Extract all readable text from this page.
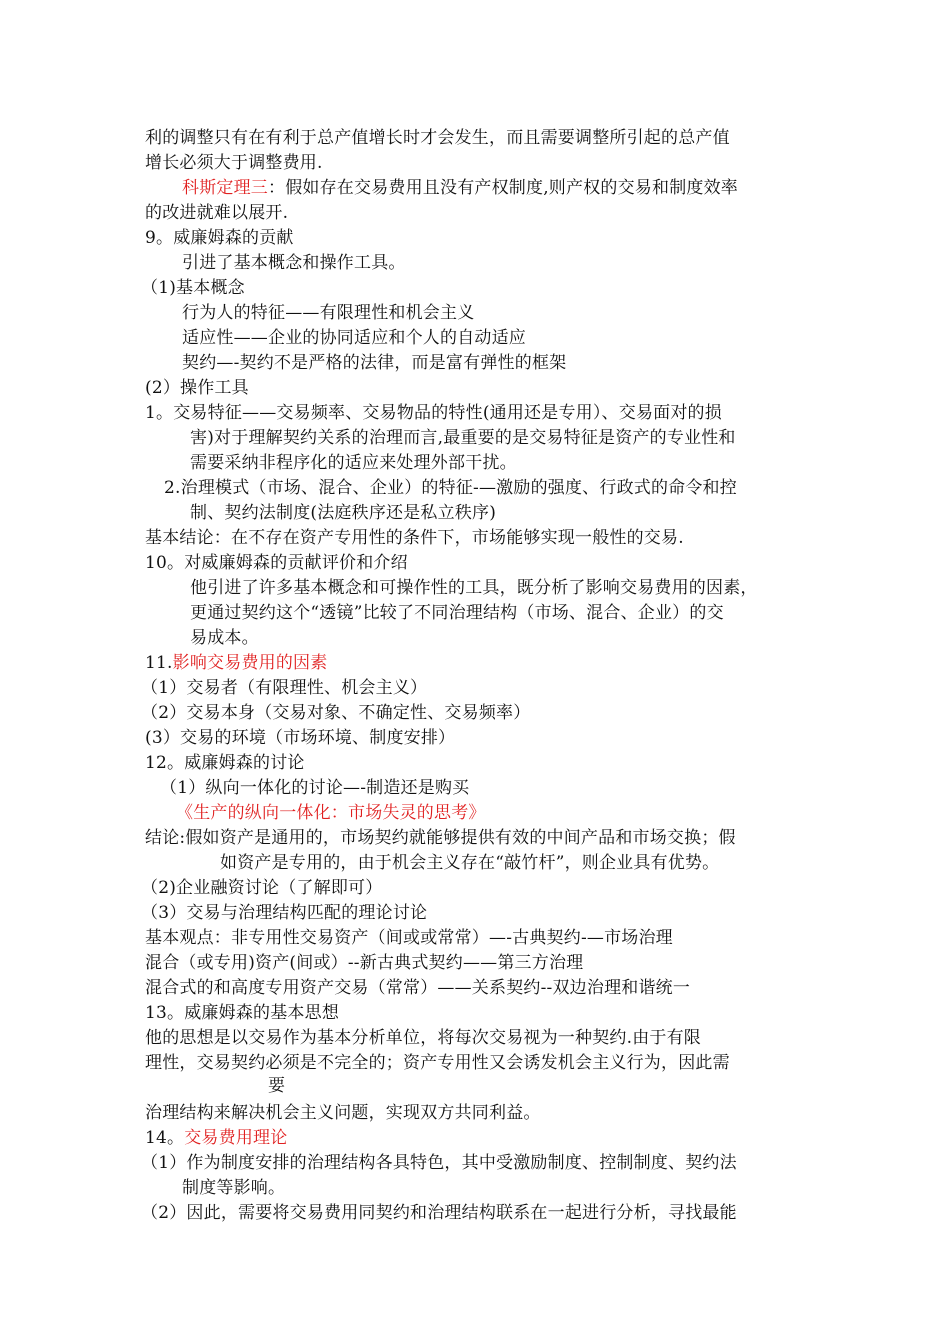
利的调整只有在有利于总产值增长时才会发生，而且需要调整所引起的总产值
增长必须大于调整费用.
科斯定理三：假如存在交易费用且没有产权制度,则产权的交易和制度效率
的改进就难以展开.
9。威廉姆森的贡献
引进了基本概念和操作工具。
（1)基本概念
行为人的特征——有限理性和机会主义
适应性——企业的协同适应和个人的自动适应
契约—-契约不是严格的法律，而是富有弹性的框架
(2）操作工具
1。交易特征——交易频率、交易物品的特性(通用还是专用）、交易面对的损
害)对于理解契约关系的治理而言,最重要的是交易特征是资产的专业性和
需要采纳非程序化的适应来处理外部干扰。
2.治理模式（市场、混合、企业）的特征-—激励的强度、行政式的命令和控
制、契约法制度(法庭秩序还是私立秩序)
基本结论：在不存在资产专用性的条件下，市场能够实现一般性的交易.
10。对威廉姆森的贡献评价和介绍
他引进了许多基本概念和可操作性的工具，既分析了影响交易费用的因素，
更通过契约这个“透镜”比较了不同治理结构（市场、混合、企业）的交
易成本。
11.影响交易费用的因素
（1）交易者（有限理性、机会主义）
（2）交易本身（交易对象、不确定性、交易频率）
(3）交易的环境（市场环境、制度安排）
12。威廉姆森的讨论
（1）纵向一体化的讨论—-制造还是购买
《生产的纵向一体化：市场失灵的思考》
结论:假如资产是通用的，市场契约就能够提供有效的中间产品和市场交换；假
如资产是专用的，由于机会主义存在“敲竹杆”，则企业具有优势。
（2)企业融资讨论（了解即可）
（3）交易与治理结构匹配的理论讨论
基本观点：非专用性交易资产（间或或常常）—-古典契约-—市场治理
混合（或专用)资产(间或）--新古典式契约——第三方治理
混合式的和高度专用资产交易（常常）——关系契约--双边治理和谐统一
13。威廉姆森的基本思想
他的思想是以交易作为基本分析单位，将每次交易视为一种契约.由于有限
理性，交易契约必须是不完全的；资产专用性又会诱发机会主义行为，因此需
要
治理结构来解决机会主义问题，实现双方共同利益。
14。交易费用理论
（1）作为制度安排的治理结构各具特色，其中受激励制度、控制制度、契约法
制度等影响。
（2）因此，需要将交易费用同契约和治理结构联系在一起进行分析，寻找最能
